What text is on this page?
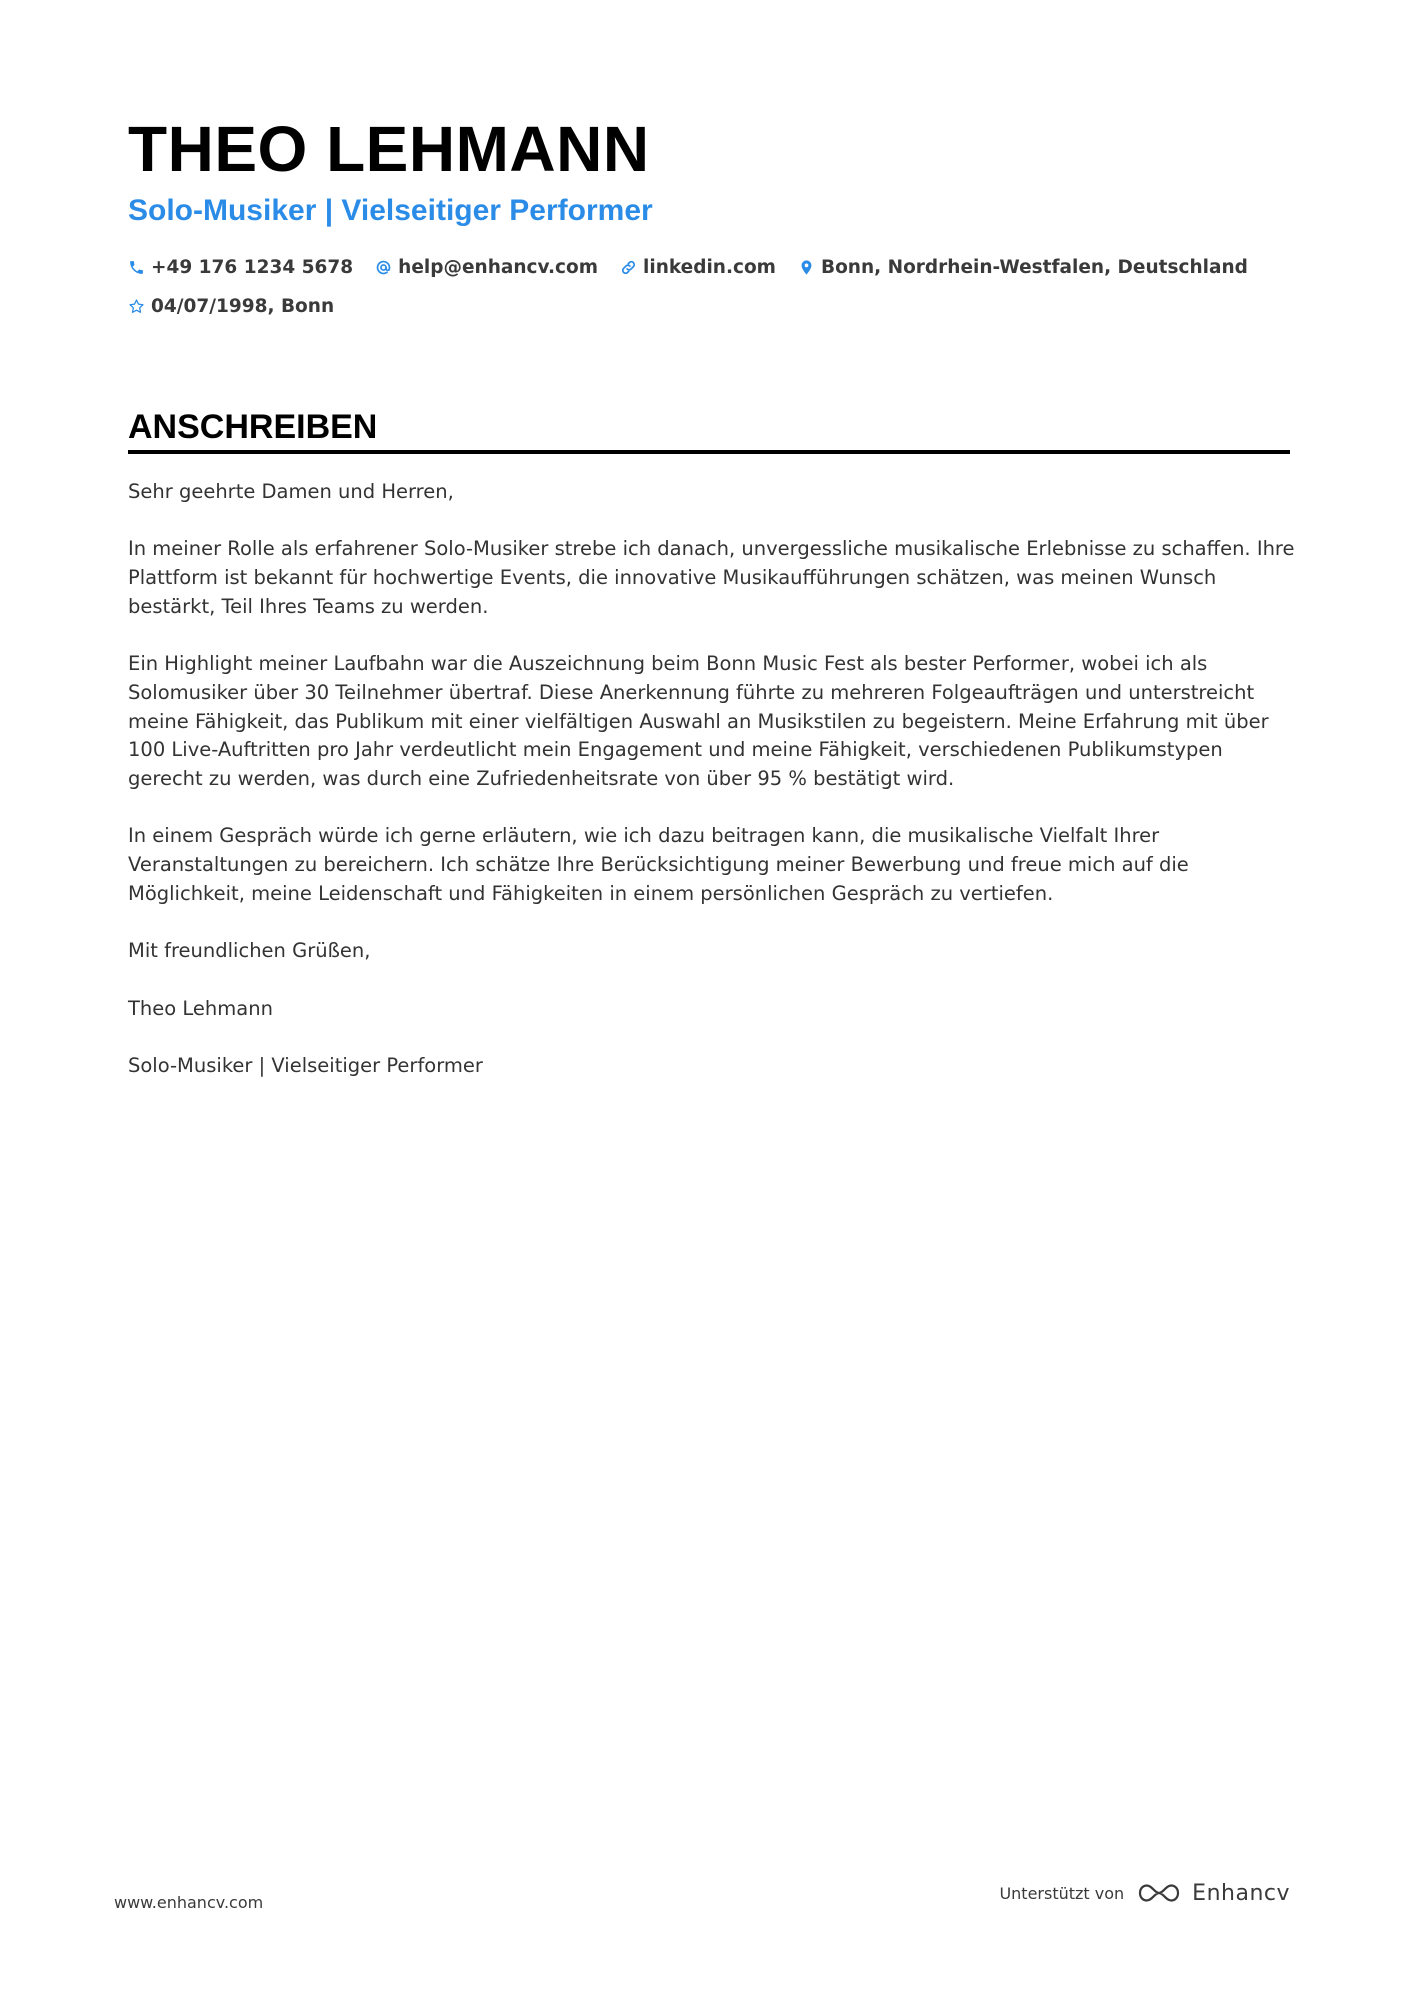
THEO LEHMANN
Solo-Musiker | Vielseitiger Performer
+49 176 1234 5678 help@enhancv.com linkedin.com Bonn, Nordrhein-Westfalen, Deutschland
04/07/1998, Bonn
ANSCHREIBEN

Sehr geehrte Damen und Herren,

In meiner Rolle als erfahrener Solo-Musiker strebe ich danach, unvergessliche musikalische Erlebnisse zu schaffen. Ihre Plattform ist bekannt für hochwertige Events, die innovative Musikaufführungen schätzen, was meinen Wunsch bestärkt, Teil Ihres Teams zu werden.

Ein Highlight meiner Laufbahn war die Auszeichnung beim Bonn Music Fest als bester Performer, wobei ich als Solomusiker über 30 Teilnehmer übertraf. Diese Anerkennung führte zu mehreren Folgeaufträgen und unterstreicht meine Fähigkeit, das Publikum mit einer vielfältigen Auswahl an Musikstilen zu begeistern. Meine Erfahrung mit über 100 Live-Auftritten pro Jahr verdeutlicht mein Engagement und meine Fähigkeit, verschiedenen Publikumstypen gerecht zu werden, was durch eine Zufriedenheitsrate von über 95 % bestätigt wird.

In einem Gespräch würde ich gerne erläutern, wie ich dazu beitragen kann, die musikalische Vielfalt Ihrer Veranstaltungen zu bereichern. Ich schätze Ihre Berücksichtigung meiner Bewerbung und freue mich auf die Möglichkeit, meine Leidenschaft und Fähigkeiten in einem persönlichen Gespräch zu vertiefen.

Mit freundlichen Grüßen,

Theo Lehmann

Solo-Musiker | Vielseitiger Performer

www.enhancv.com	Unterstützt von	Enhancv
